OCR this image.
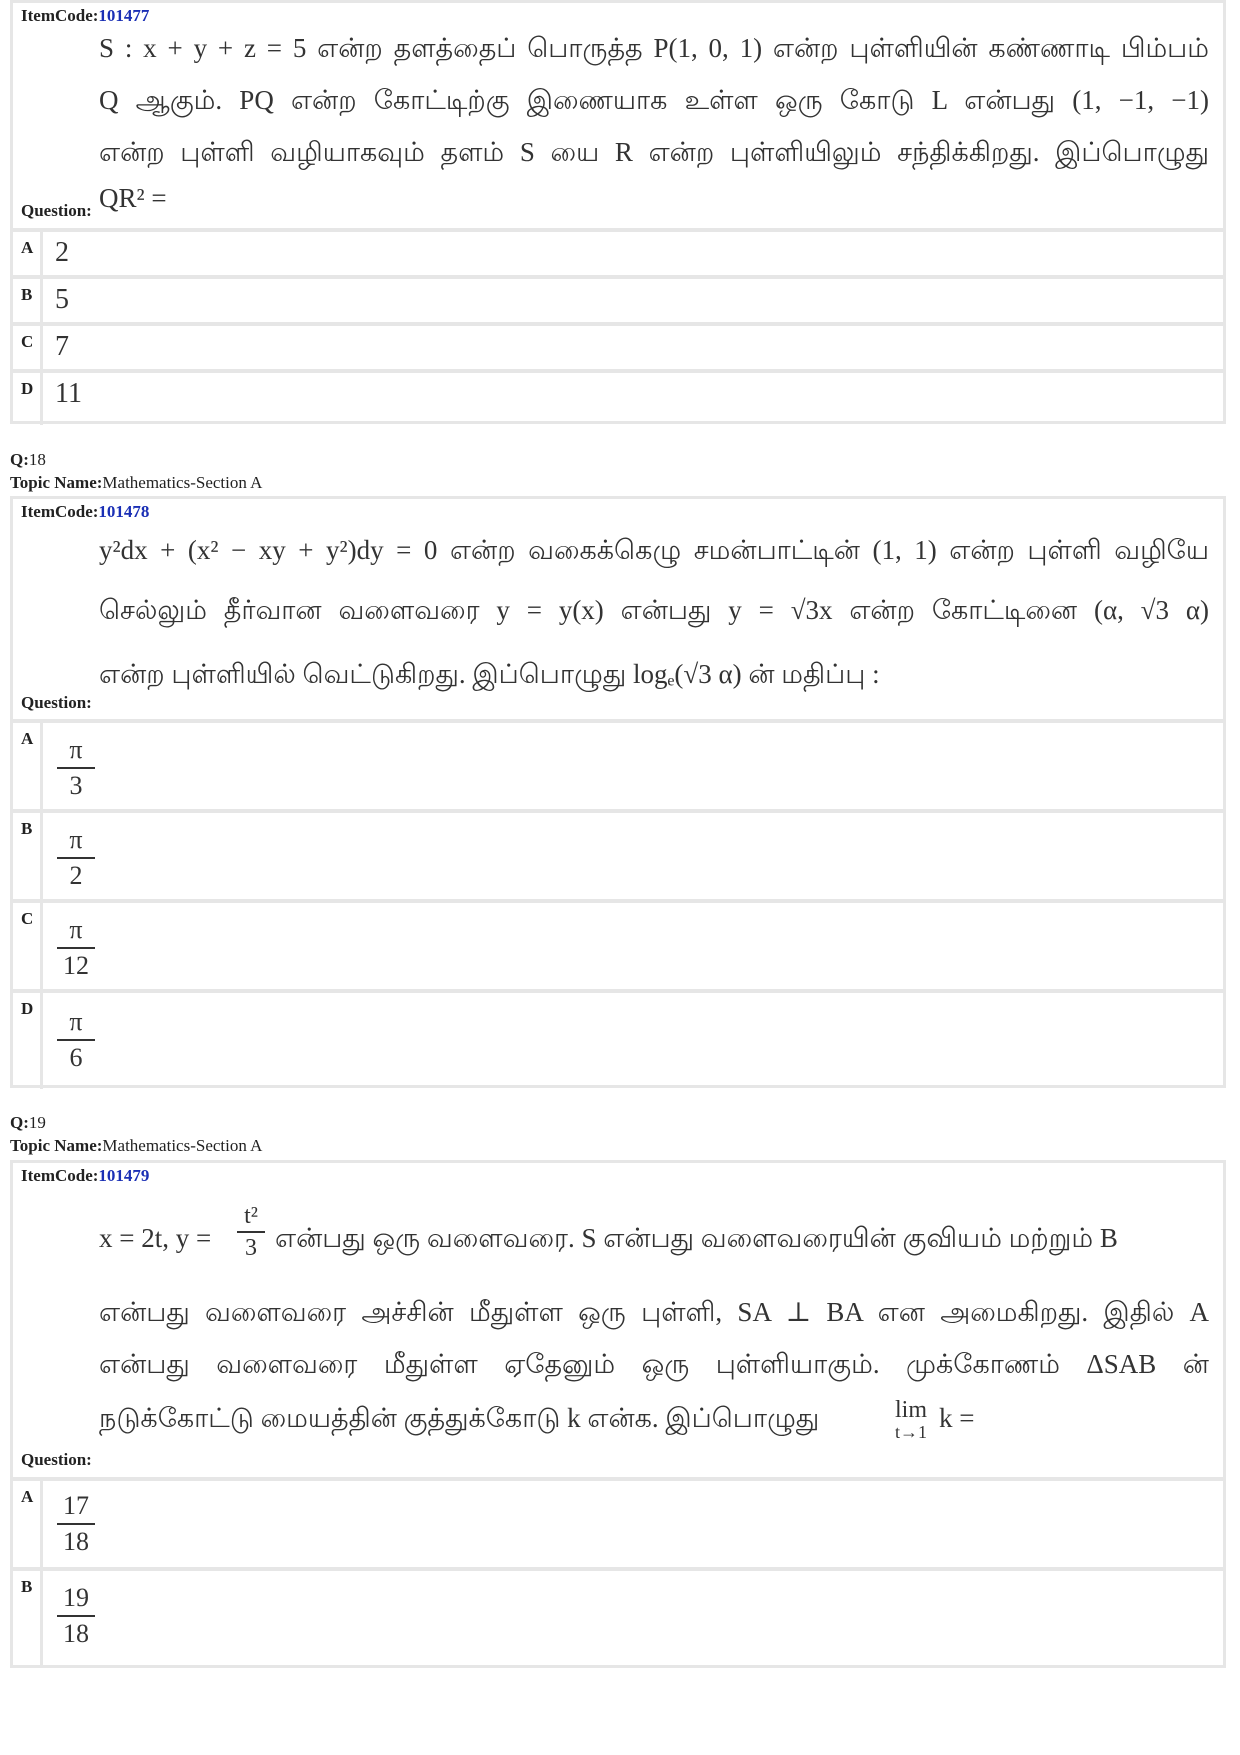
ItemCode:101477
S : x + y + z = 5 என்ற தளத்தைப் பொருத்த P(1, 0, 1) என்ற புள்ளியின் கண்ணாடி பிம்பம்
Q ஆகும். PQ என்ற கோட்டிற்கு இணையாக உள்ள ஒரு கோடு L என்பது (1, −1, −1)
என்ற புள்ளி வழியாகவும் தளம் S யை R என்ற புள்ளியிலும் சந்திக்கிறது. இப்பொழுது
QR² =
Question:
A 2
B 5
C 7
D 11
Q:18
Topic Name:Mathematics-Section A
ItemCode:101478
y²dx + (x² − xy + y²)dy = 0 என்ற வகைக்கெழு சமன்பாட்டின் (1, 1) என்ற புள்ளி வழியே
செல்லும் தீர்வான வளைவரை y = y(x) என்பது y = √3x என்ற கோட்டினை (α, √3 α)
என்ற புள்ளியில் வெட்டுகிறது. இப்பொழுது logₑ(√3 α) ன் மதிப்பு :
Question:
A	π
3
B	π
2
C	π
12
D	π
6
Q:19
Topic Name:Mathematics-Section A
ItemCode:101479
x = 2t, y =
t²
3 என்பது ஒரு வளைவரை. S என்பது வளைவரையின் குவியம் மற்றும் B
என்பது வளைவரை அச்சின் மீதுள்ள ஒரு புள்ளி, SA ⊥ BA என அமைகிறது. இதில் A
என்பது வளைவரை மீதுள்ள ஏதேனும் ஒரு புள்ளியாகும். முக்கோணம் ΔSAB ன்
நடுக்கோட்டு மையத்தின் குத்துக்கோடு k என்க. இப்பொழுது	lim
t→1 k =
Question:
A 17
18
B 19
18
